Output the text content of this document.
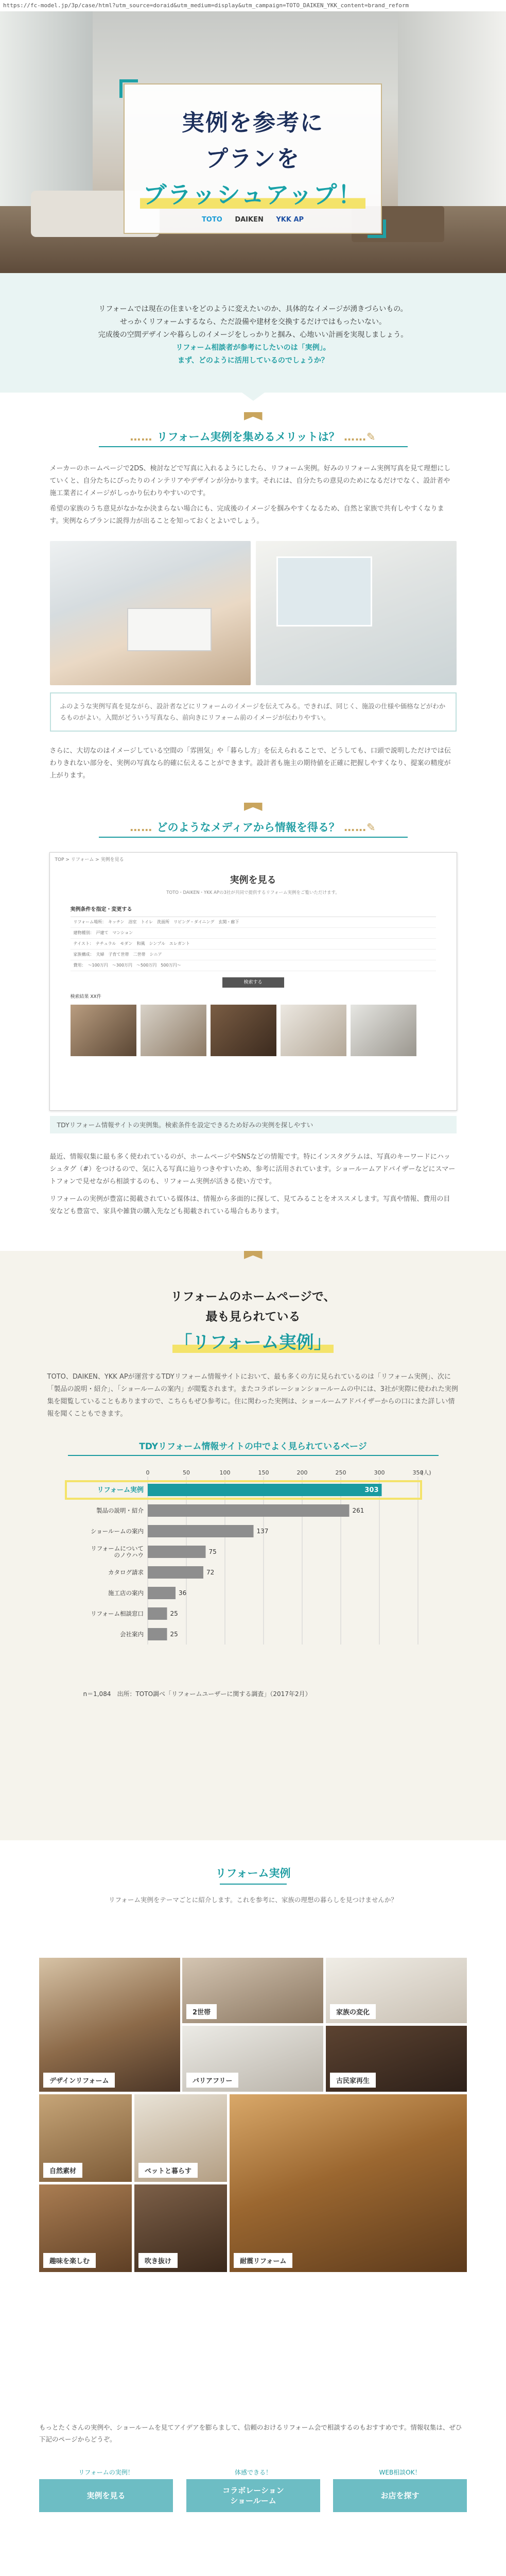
https://fc-model.jp/3p/case/html?utm_source=doraid&utm_medium=display&utm_campaign=TOTO_DAIKEN_YKK_content=brand_reform
実例を参考に
プランを
ブラッシュアップ！
TOTO DAIKEN YKK AP
リフォームでは現在の住まいをどのように変えたいのか、具体的なイメージが湧きづらいもの。
せっかくリフォームするなら、ただ設備や建材を交換するだけではもったいない。
完成後の空間デザインや暮らしのイメージをしっかりと掴み、心地いい計画を実現しましょう。
リフォーム相談者が参考にしたいのは「実例」。
まず、どのように活用しているのでしょうか？
…… リフォーム実例を集めるメリットは？ ……✎

メーカーのホームページで2DS、検討などで写真に入れるようにしたら、リフォーム実例。好みのリフォーム実例写真を見て理想にしていくと、自分たちにぴったりのインテリアやデザインが分かります。それには、自分たちの意見のためになるだけでなく、設計者や施工業者にイメージがしっかり伝わりやすいのです。

希望の家族のうち意見がなかなか決まらない場合にも、完成後のイメージを掴みやすくなるため、自然と家族で共有しやすくなります。実例ならプランに説得力が出ることを知っておくとよいでしょう。

ふのような実例写真を見ながら、設計者などにリフォームのイメージを伝えてみる。できれば、同じく、施設の仕様や価格などがわかるものがよい。入間がどういう写真なら、前向きにリフォーム前のイメージが伝わりやすい。

さらに、大切なのはイメージしている空間の「雰囲気」や「暮らし方」を伝えられることで、どうしても、口頭で説明しただけでは伝わりきれない部分を、実例の写真なら的確に伝えることができます。設計者も施主の期待値を正確に把握しやすくなり、提案の精度が上がります。

…… どのようなメディアから情報を得る？ ……✎
TOP > リフォーム > 実例を見る
実例を見る
TOTO・DAIKEN・YKK APの3社が共同で提供するリフォーム実例をご覧いただけます。
実例条件を指定・変更する
リフォーム場所：　キッチン　浴室　トイレ　洗面所　リビング・ダイニング　玄関・廊下
建物種別：　戸建て　マンション
テイスト：　ナチュラル　モダン　和風　シンプル　エレガント
家族構成：　夫婦　子育て世帯　二世帯　シニア
費用：　～100万円　～300万円　～500万円　500万円～
検索する
検索結果 XX件
TDYリフォーム情報サイトの実例集。検索条件を設定できるため好みの実例を探しやすい

最近、情報収集に最も多く使われているのが、ホームページやSNSなどの情報です。特にインスタグラムは、写真のキーワードにハッシュタグ（#）をつけるので、気に入る写真に辿りつきやすいため、参考に活用されています。ショールームアドバイザーなどにスマートフォンで見せながら相談するのも、リフォーム実例が活きる使い方です。

リフォームの実例が豊富に掲載されている媒体は、情報から多面的に探して、見てみることをオススメします。写真や情報、費用の目安なども豊富で、家具や雑貨の購入先なども掲載されている場合もあります。

リフォームのホームページで、
最も見られている
「リフォーム実例」

TOTO、DAIKEN、YKK APが運営するTDYリフォーム情報サイトにおいて、最も多くの方に見られているのは「リフォーム実例」、次に「製品の説明・紹介」、「ショールームの案内」が閲覧されます。またコラボレーションショールームの中には、3社が実際に使われた実例集を閲覧していることもありますので、こちらもぜひ参考に。住に関わった実例は、ショールームアドバイザーからの口にまた詳しい情報を聞くこともできます。

TDYリフォーム情報サイトの中でよく見られているページ
0	50	100	150	200	250	300	350
(人)
リフォーム実例	303
製品の説明・紹介	261
ショールームの案内	137
リフォームについて
のノウハウ	75
カタログ請求	72
施工店の案内	36
リフォーム相談窓口	25
会社案内	25
n＝1,084　出所：TOTO調べ「リフォームユーザーに関する調査」（2017年2月）
リフォーム実例
リフォーム実例をテーマごとに紹介します。これを参考に、家族の理想の暮らしを見つけませんか？
デザインリフォーム
2世帯	家族の変化
バリアフリー	古民家再生
自然素材	ペットと暮らす
趣味を楽しむ	吹き抜け	耐震リフォーム
もっとたくさんの実例や、ショールームを見てアイデアを膨らまして、信頼のおけるリフォーム会で相談するのもおすすめです。情報収集は、ぜひ下記のページからどうぞ。
リフォームの実例！	体感できる！	WEB相談OK！
実例を見る
コラボレーション
ショールーム
お店を探す
